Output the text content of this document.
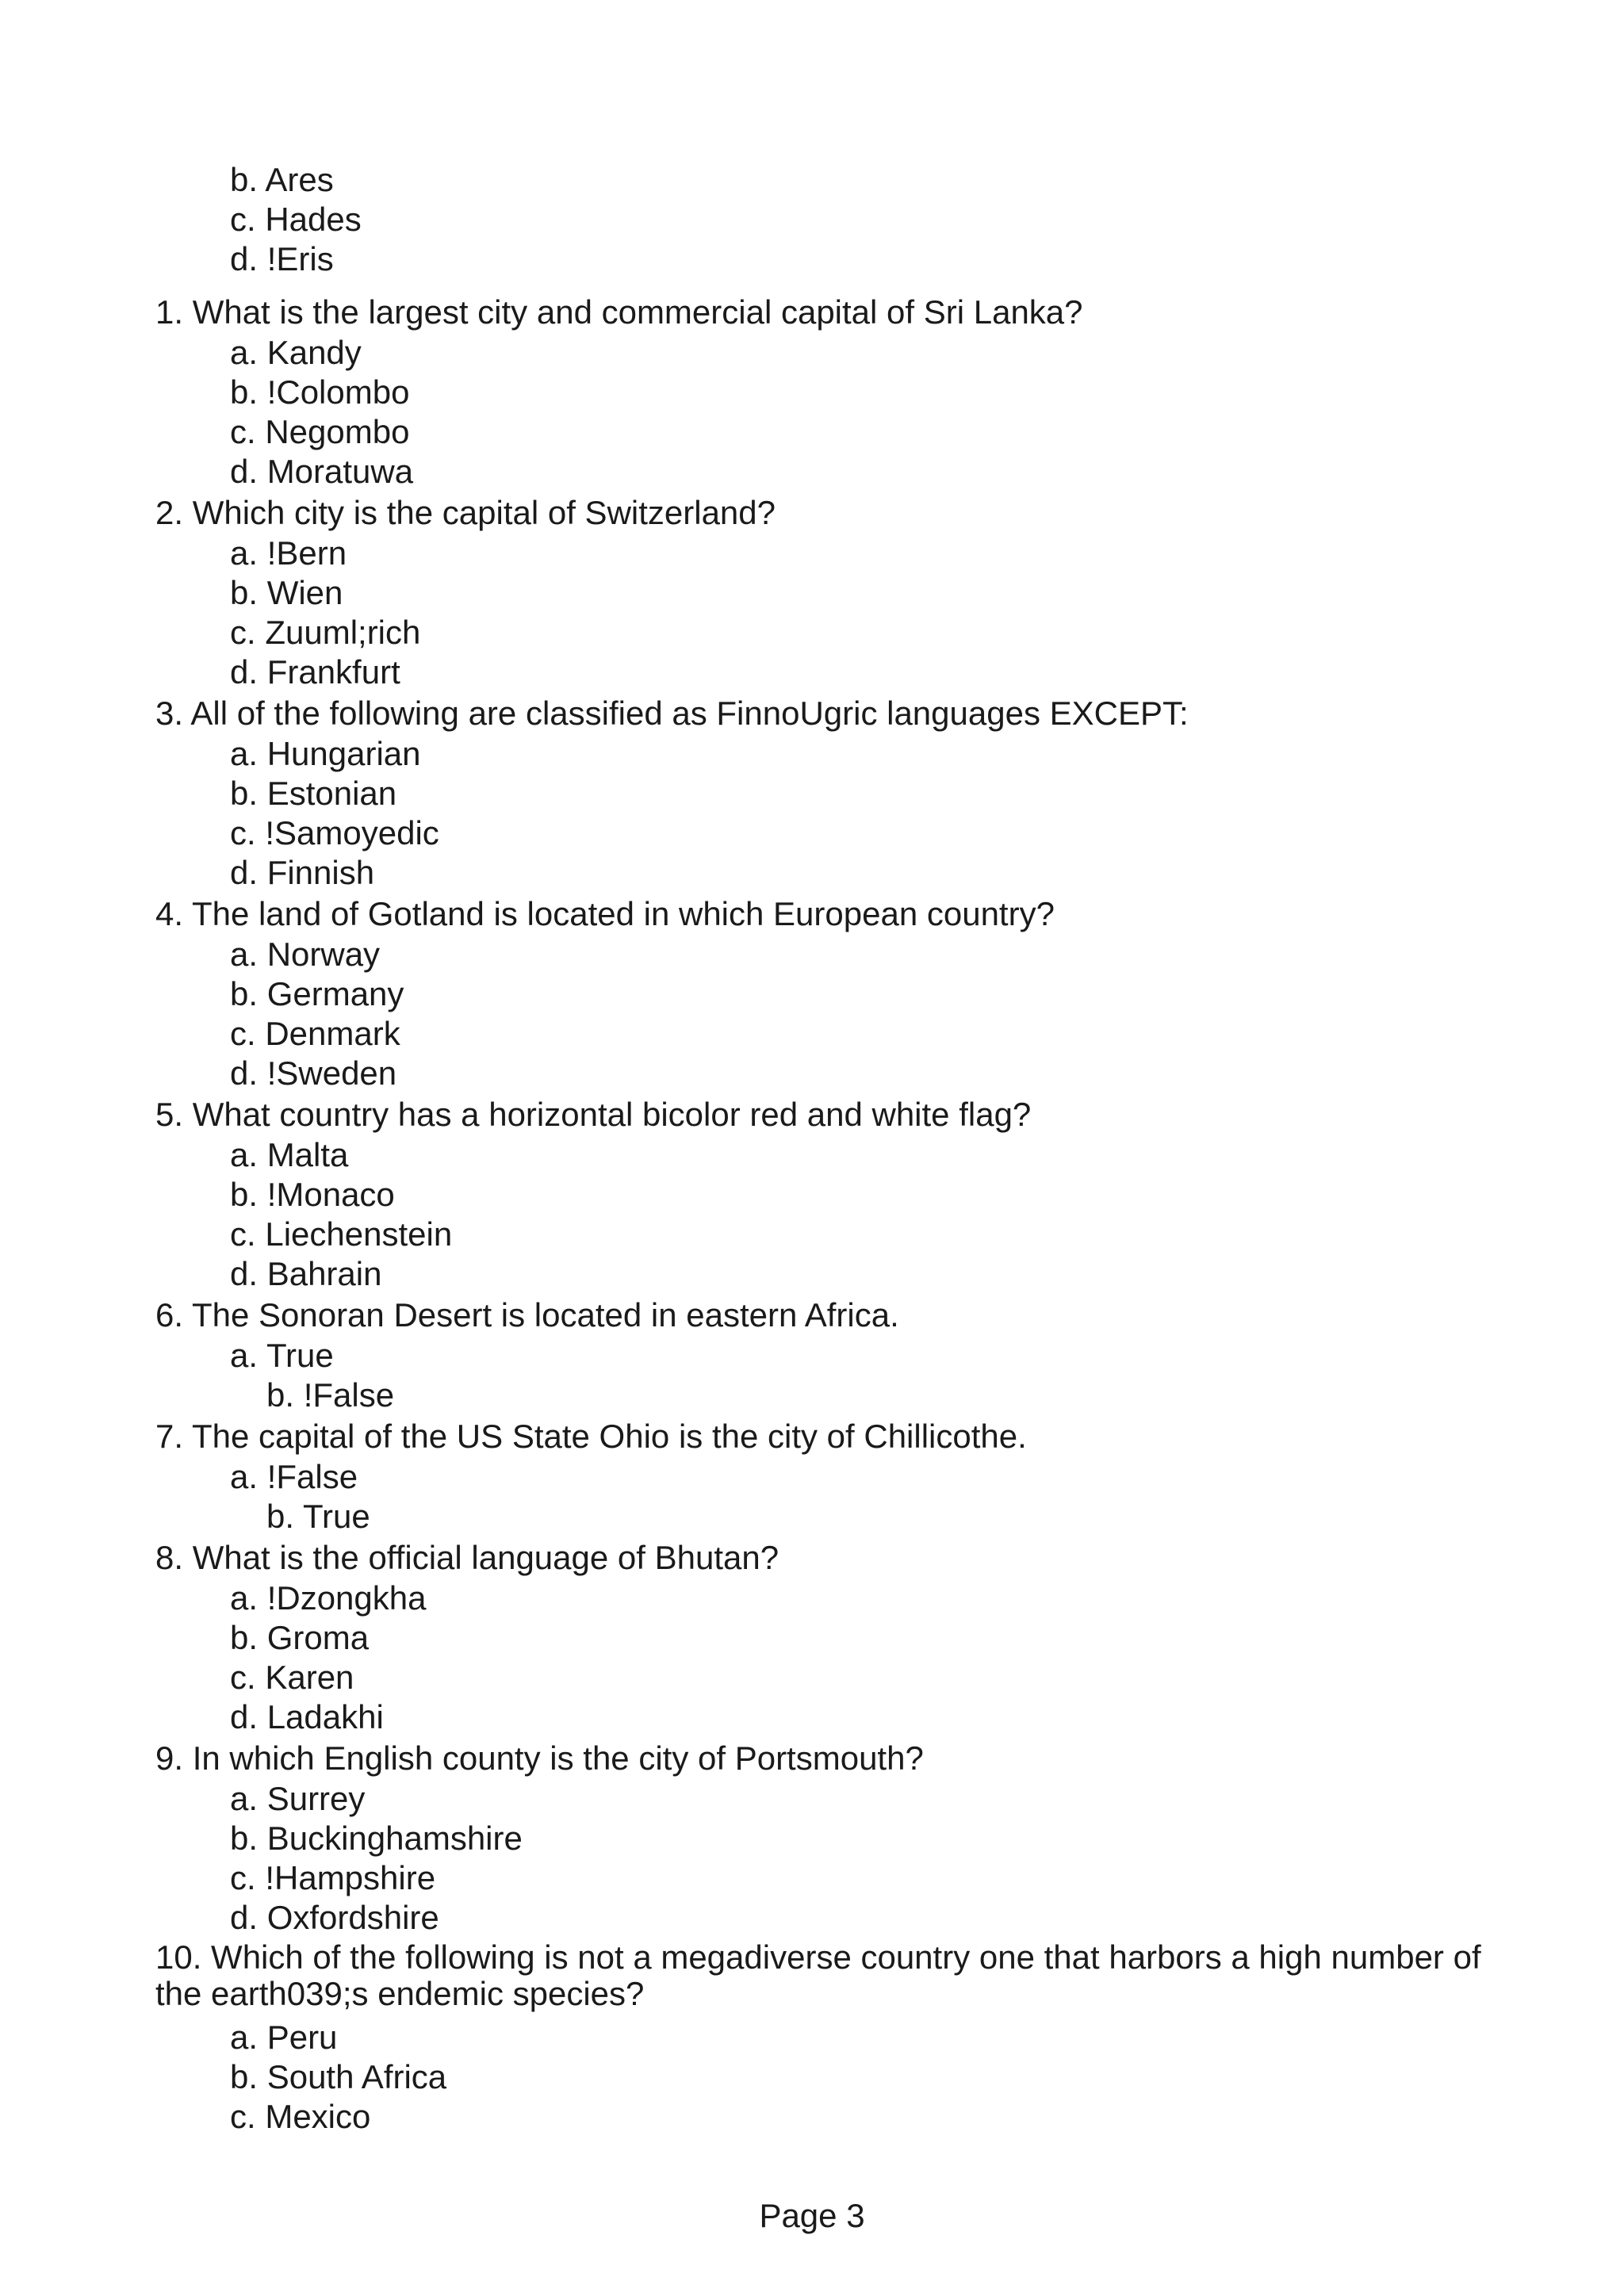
b. Ares

c. Hades

d. !Eris

1. What is the largest city and commercial capital of Sri Lanka?

a. Kandy

b. !Colombo

c. Negombo

d. Moratuwa

2. Which city is the capital of Switzerland?

a. !Bern

b. Wien

c. Zuuml;rich

d. Frankfurt

3. All of the following are classified as FinnoUgric languages EXCEPT:

a. Hungarian

b. Estonian

c. !Samoyedic

d. Finnish

4. The land of Gotland is located in which European country?

a. Norway

b. Germany

c. Denmark

d. !Sweden

5. What country has a horizontal bicolor red and white flag?

a. Malta

b. !Monaco

c. Liechenstein

d. Bahrain

6. The Sonoran Desert is located in eastern Africa.

a. True

b. !False

7. The capital of the US State Ohio is the city of Chillicothe.

a. !False

b. True

8. What is the official language of Bhutan?

a. !Dzongkha

b. Groma

c. Karen

d. Ladakhi

9. In which English county is the city of Portsmouth?

a. Surrey

b. Buckinghamshire

c. !Hampshire

d. Oxfordshire

10. Which of the following is not a megadiverse country one that harbors a high number of the earth039;s endemic species?

a. Peru

b. South Africa

c. Mexico

Page 3
